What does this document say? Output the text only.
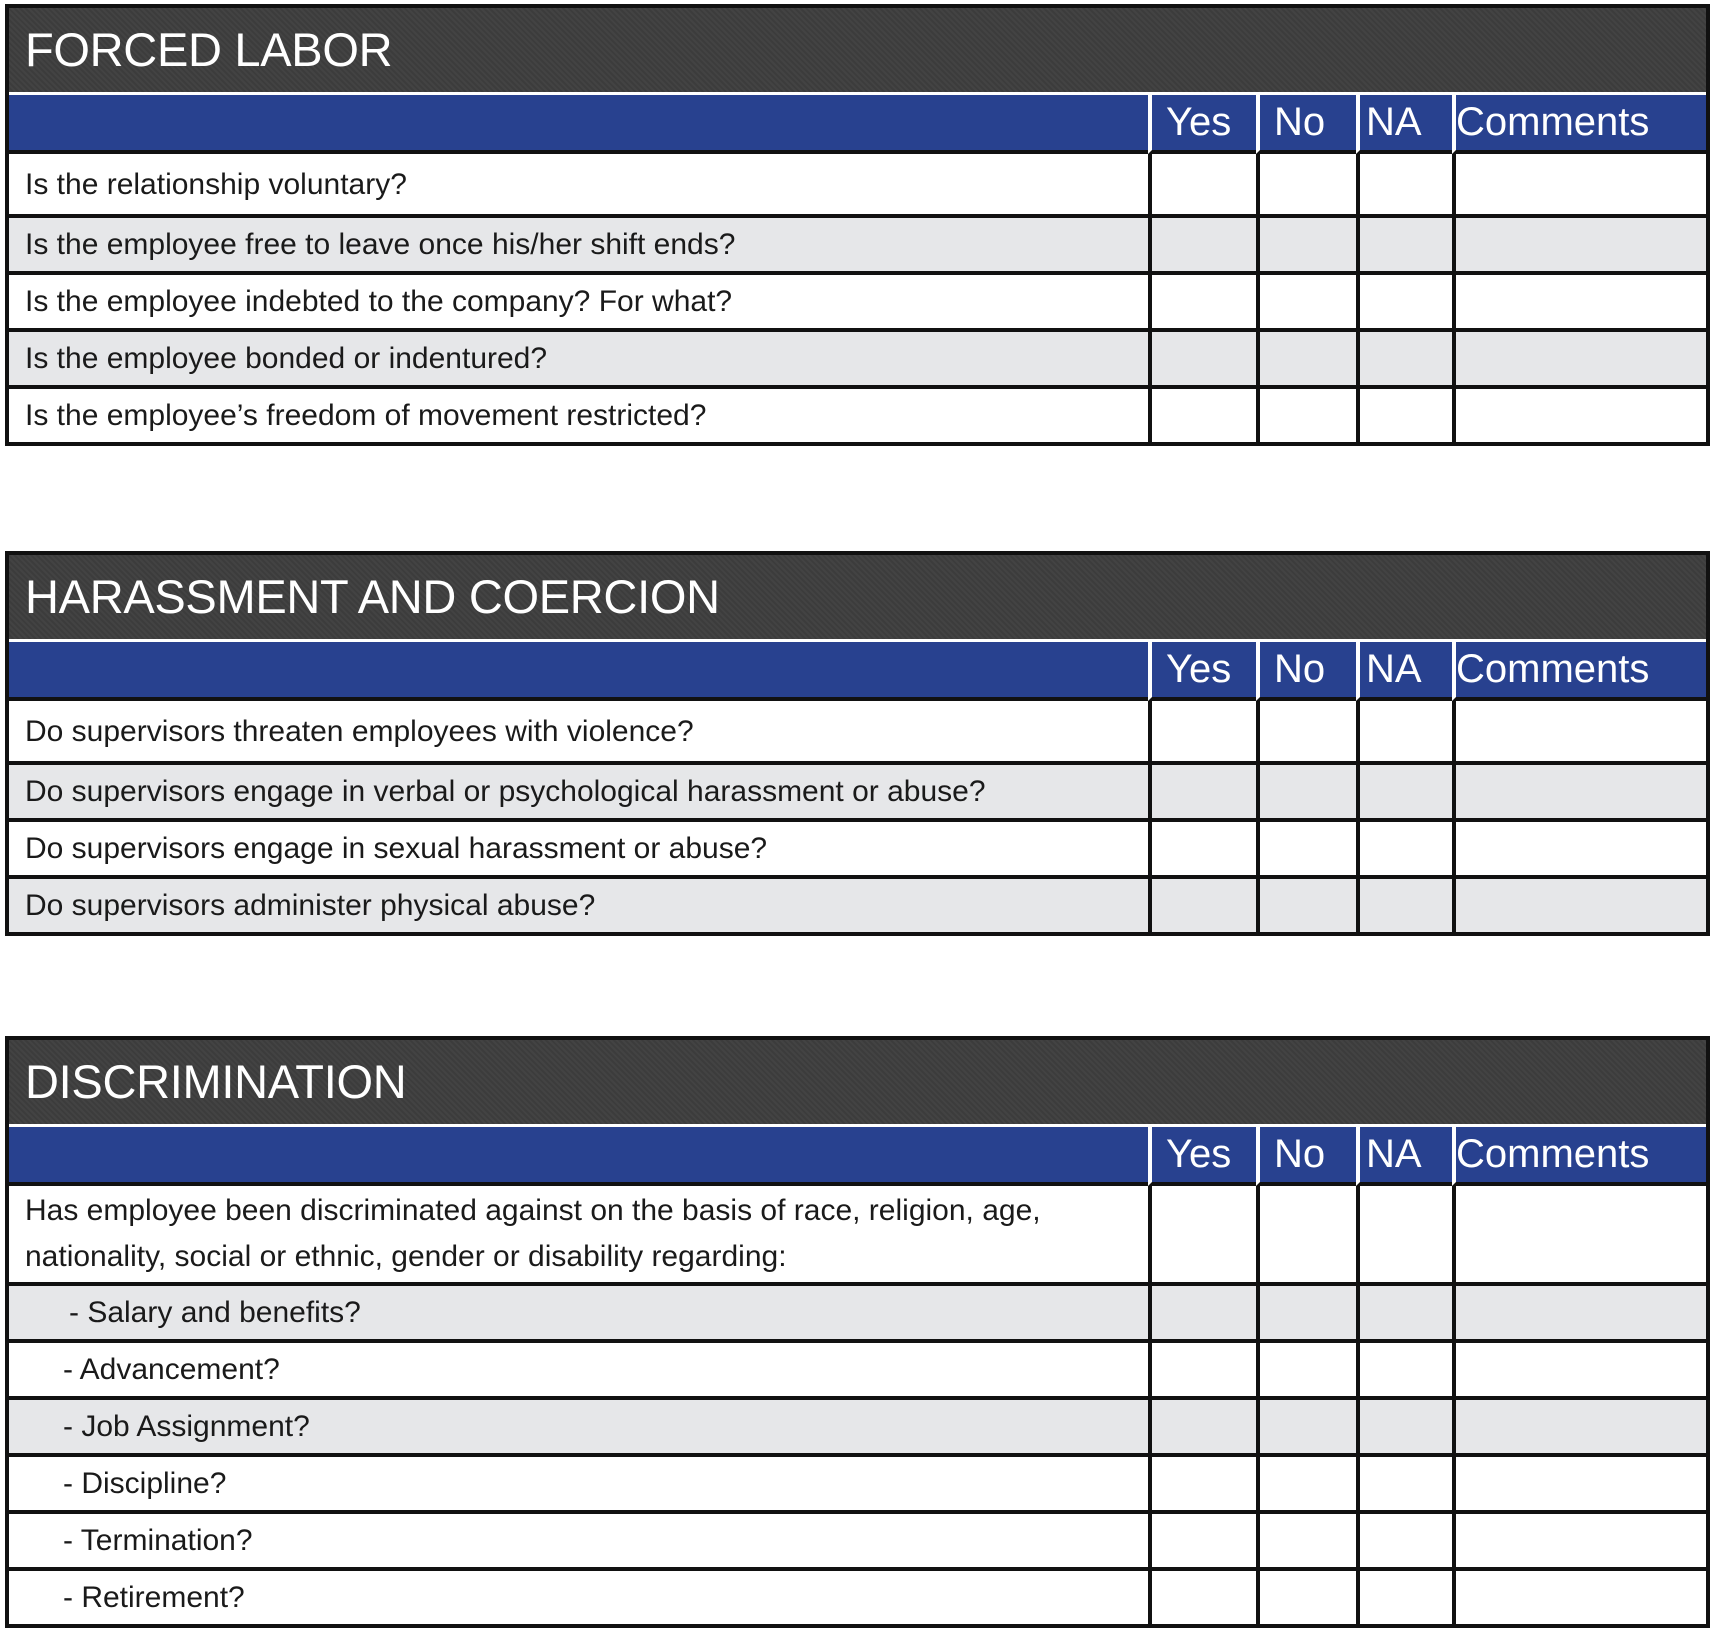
FORCED LABOR
	Yes	No	NA	Comments
Is the relationship voluntary?				
Is the employee free to leave once his/her shift ends?				
Is the employee indebted to the company? For what?				
Is the employee bonded or indentured?				
Is the employee’s freedom of movement restricted?				
HARASSMENT AND COERCION
	Yes	No	NA	Comments
Do supervisors threaten employees with violence?				
Do supervisors engage in verbal or psychological harassment or abuse?				
Do supervisors engage in sexual harassment or abuse?				
Do supervisors administer physical abuse?				
DISCRIMINATION
	Yes	No	NA	Comments
Has employee been discriminated against on the basis of race, religion, age, nationality, social or ethnic, gender or disability regarding:				
- Salary and benefits?				
- Advancement?				
- Job Assignment?				
- Discipline?				
- Termination?				
- Retirement?				
